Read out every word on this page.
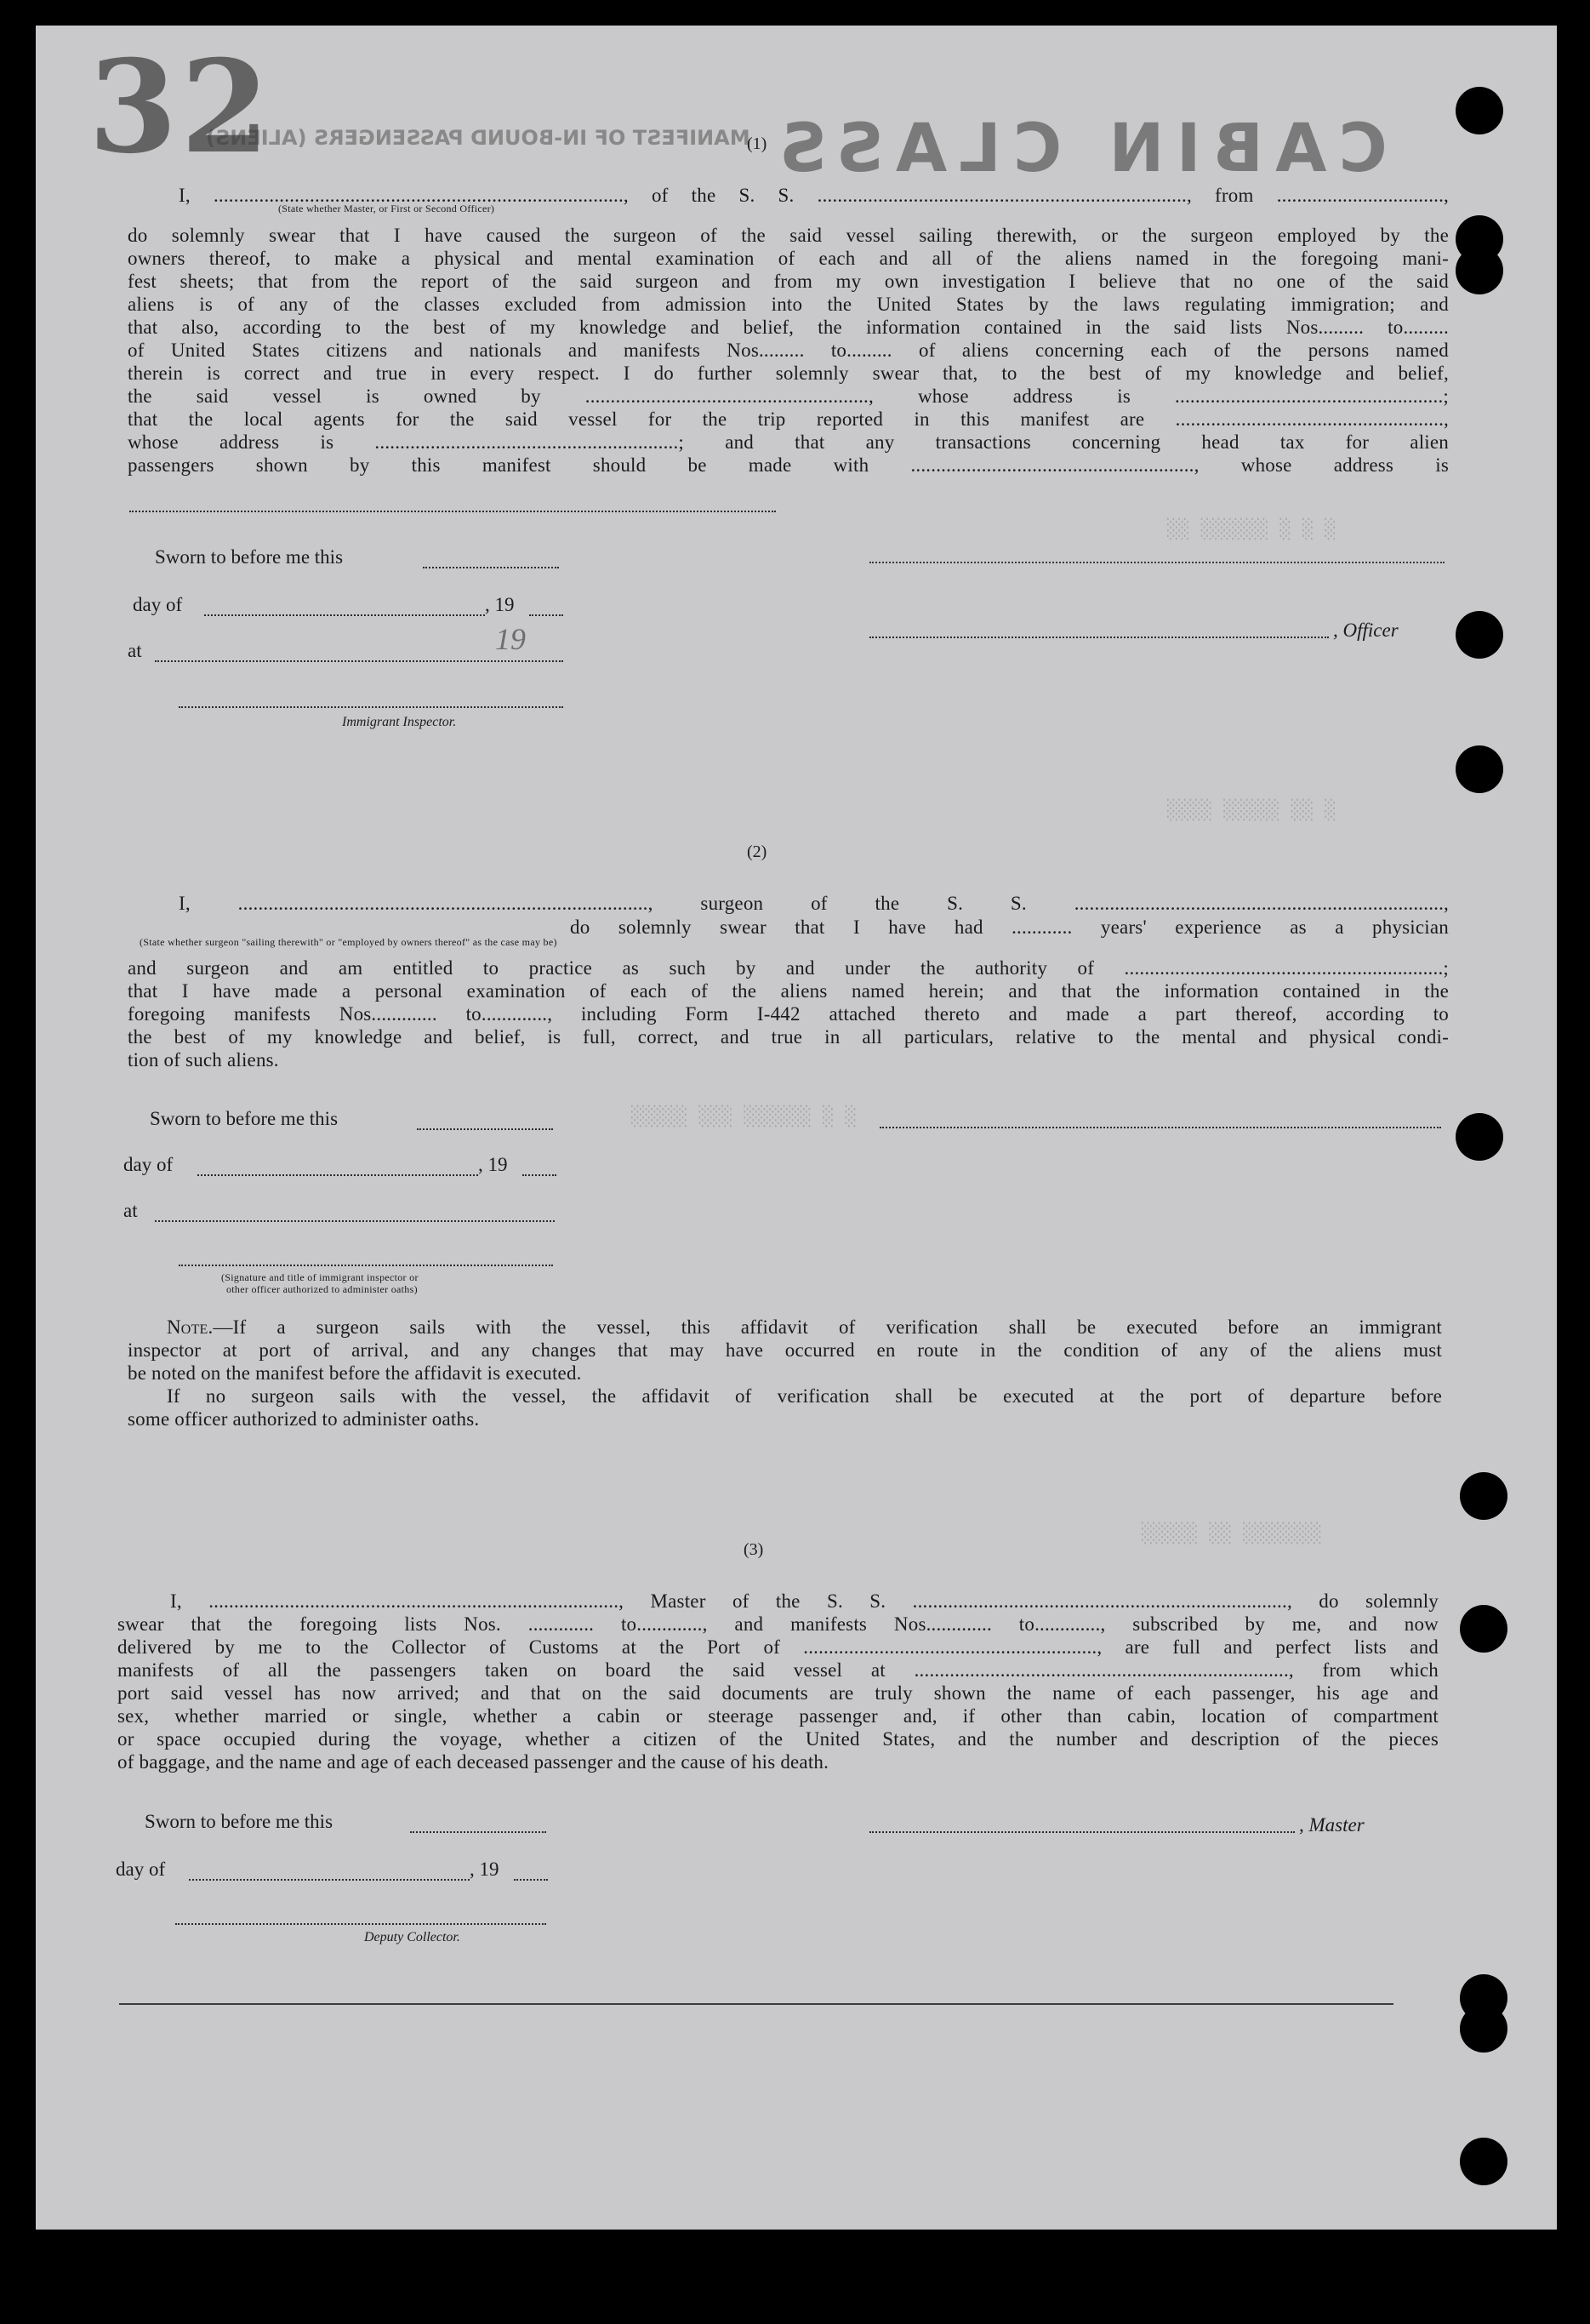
░░ ░░░░░░ ░ ░ ░
░░░░ ░░░░░ ░░ ░
░░░░░ ░░░ ░░░░░░ ░ ░
░░░░░ ░░ ░░░░░░░
32	CABIN CLASS
MANIFEST OF IN-BOUND PASSENGERS (ALIENS)
(1)
I, ................................................................................., of the S. S. ........................................................................., from .................................,
(State whether Master, or First or Second Officer)
do solemnly swear that I have caused the surgeon of the said vessel sailing therewith, or the surgeon employed by the
owners thereof, to make a physical and mental examination of each and all of the aliens named in the foregoing mani-
fest sheets; that from the report of the said surgeon and from my own investigation I believe that no one of the said
aliens is of any of the classes excluded from admission into the United States by the laws regulating immigration; and
that also, according to the best of my knowledge and belief, the information contained in the said lists Nos......... to.........
of United States citizens and nationals and manifests Nos......... to......... of aliens concerning each of the persons named
therein is correct and true in every respect. I do further solemnly swear that, to the best of my knowledge and belief,
the said vessel is owned by ........................................................, whose address is .....................................................;
that the local agents for the said vessel for the trip reported in this manifest are .....................................................,
whose address is ............................................................; and that any transactions concerning head tax for alien
passengers shown by this manifest should be made with ........................................................, whose address is
Sworn to before me this
day of	, 19
at	19	, Officer
Immigrant Inspector.
(2)
I, ................................................................................., surgeon of the S. S. .........................................................................,
(State whether surgeon "sailing therewith" or "employed by owners thereof" as the case may be)
do solemnly swear that I have had ............ years' experience as a physician
and surgeon and am entitled to practice as such by and under the authority of ...............................................................;
that I have made a personal examination of each of the aliens named herein; and that the information contained in the
foregoing manifests Nos............. to............., including Form I-442 attached thereto and made a part thereof, according to
the best of my knowledge and belief, is full, correct, and true in all particulars, relative to the mental and physical condi-
tion of such aliens.
Sworn to before me this
day of	, 19
at
(Signature and title of immigrant inspector or
other officer authorized to administer oaths)
Note.—If a surgeon sails with the vessel, this affidavit of verification shall be executed before an immigrant
inspector at port of arrival, and any changes that may have occurred en route in the condition of any of the aliens must
be noted on the manifest before the affidavit is executed.
If no surgeon sails with the vessel, the affidavit of verification shall be executed at the port of departure before
some officer authorized to administer oaths.
(3)
I, ................................................................................., Master of the S. S. .........................................................................., do solemnly
swear that the foregoing lists Nos. ............. to............., and manifests Nos............. to............., subscribed by me, and now
delivered by me to the Collector of Customs at the Port of .........................................................., are full and perfect lists and
manifests of all the passengers taken on board the said vessel at .........................................................................., from which
port said vessel has now arrived; and that on the said documents are truly shown the name of each passenger, his age and
sex, whether married or single, whether a cabin or steerage passenger and, if other than cabin, location of compartment
or space occupied during the voyage, whether a citizen of the United States, and the number and description of the pieces
of baggage, and the name and age of each deceased passenger and the cause of his death.
Sworn to before me this	, Master
day of	, 19
Deputy Collector.
